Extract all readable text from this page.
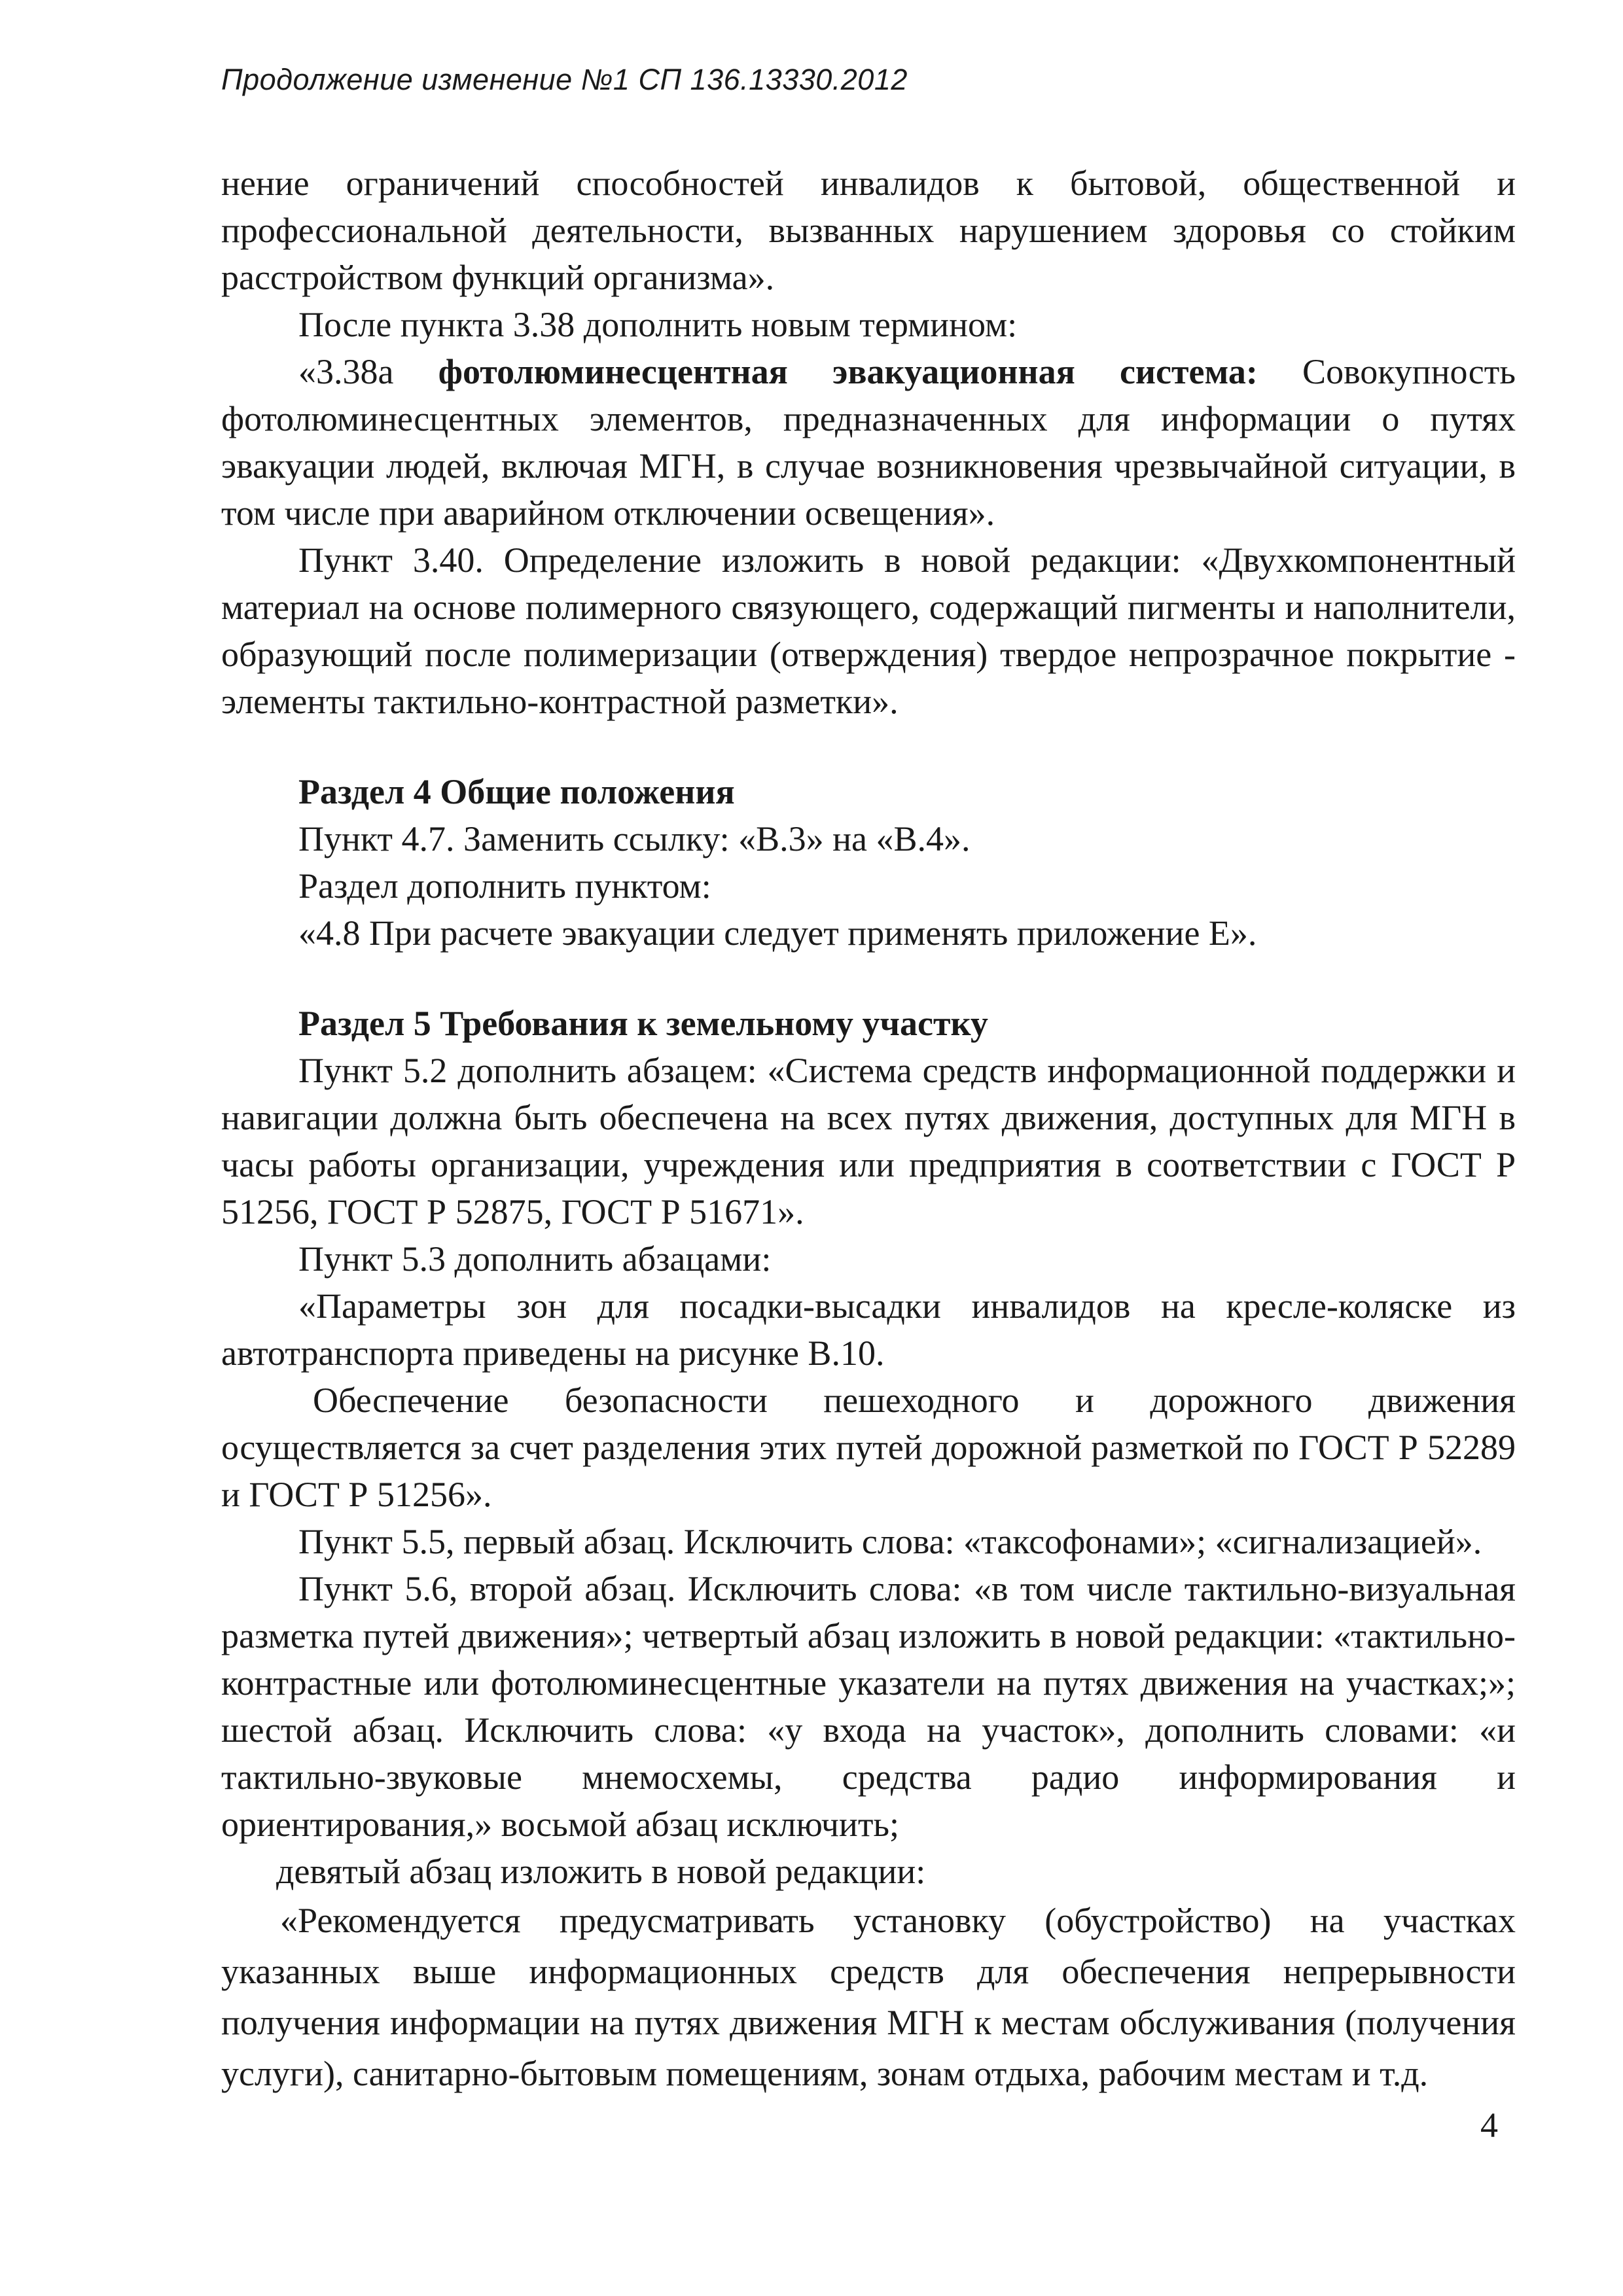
Продолжение изменение №1 СП 136.13330.2012

нение ограничений способностей инвалидов к бытовой, общественной и профессиональной деятельности, вызванных нарушением здоровья со стойким расстройством функций организма».

После пункта 3.38 дополнить новым термином:

«3.38а фотолюминесцентная эвакуационная система: Совокупность фотолюминесцентных элементов, предназначенных для информации о путях эвакуации людей, включая МГН, в случае возникновения чрезвычайной ситуации, в том числе при аварийном отключении освещения».

Пункт 3.40. Определение изложить в новой редакции: «Двухкомпонентный материал на основе полимерного связующего, содержащий пигменты и наполнители, образующий после полимеризации (отверждения) твердое непрозрачное покрытие - элементы тактильно-контрастной разметки».

Раздел 4 Общие положения

Пункт 4.7. Заменить ссылку: «В.3» на «В.4».

Раздел дополнить пунктом:

«4.8 При расчете эвакуации следует применять приложение Е».

Раздел 5 Требования к земельному участку

Пункт 5.2 дополнить абзацем: «Система средств информационной поддержки и навигации должна быть обеспечена на всех путях движения, доступных для МГН в часы работы организации, учреждения или предприятия в соответствии с ГОСТ Р 51256, ГОСТ Р 52875, ГОСТ Р 51671».

Пункт 5.3 дополнить абзацами:

«Параметры зон для посадки-высадки инвалидов на кресле-коляске из автотранспорта приведены на рисунке В.10.

Обеспечение безопасности пешеходного и дорожного движения осуществляется за счет разделения этих путей дорожной разметкой по ГОСТ Р 52289 и ГОСТ Р 51256».

Пункт 5.5, первый абзац. Исключить слова: «таксофонами»; «сигнализацией».

Пункт 5.6, второй абзац. Исключить слова: «в том числе тактильно-визуальная разметка путей движения»; четвертый абзац изложить в новой редакции: «тактильно-контрастные или фотолюминесцентные указатели на путях движения на участках;»; шестой абзац. Исключить слова: «у входа на участок», дополнить словами: «и тактильно-звуковые мнемосхемы, средства радио информирования и ориентирования,» восьмой абзац исключить;

девятый абзац изложить в новой редакции:

«Рекомендуется предусматривать установку (обустройство) на участках указанных выше информационных средств для обеспечения непрерывности получения информации на путях движения МГН к местам обслуживания (получения услуги), санитарно-бытовым помещениям, зонам отдыха, рабочим местам и т.д.

4
